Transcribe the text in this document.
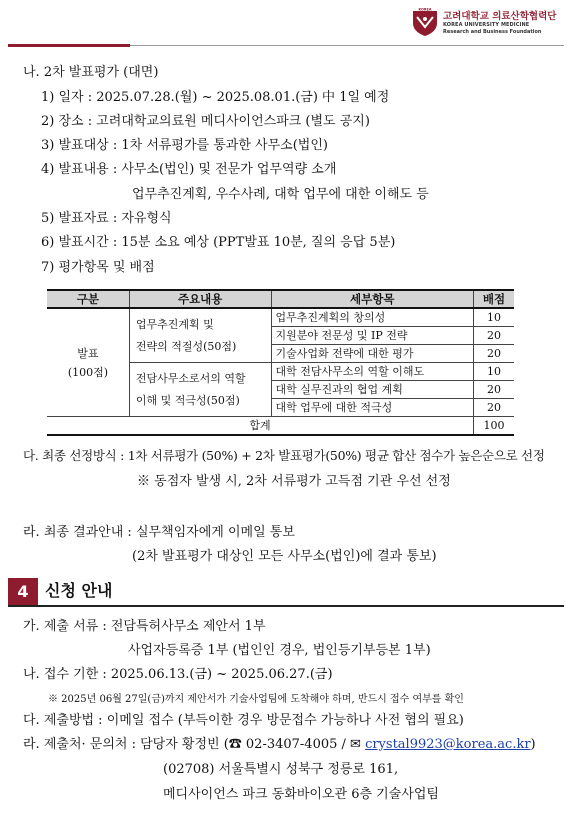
KOREA
고려대학교 의료산학협력단
KOREA UNIVERSITY MEDICINE
Research and Business Foundation
나. 2차 발표평가 (대면)
1) 일자 : 2025.07.28.(월) ~ 2025.08.01.(금) 中 1일 예정
2) 장소 : 고려대학교의료원 메디사이언스파크 (별도 공지)
3) 발표대상 : 1차 서류평가를 통과한 사무소(법인)
4) 발표내용 : 사무소(법인) 및 전문가 업무역량 소개
업무추진계획, 우수사례, 대학 업무에 대한 이해도 등
5) 발표자료 : 자유형식
6) 발표시간 : 15분 소요 예상 (PPT발표 10분, 질의 응답 5분)
7) 평가항목 및 배점
구분	주요내용	세부항목	배점
발표
(100점)	업무추진계획 및
전략의 적절성(50점)	업무추진계획의 창의성	10
		지원분야 전문성 및 IP 전략	20
		기술사업화 전략에 대한 평가	20
	전담사무소로서의 역할
이해 및 적극성(50점)	대학 전담사무소의 역할 이해도	10
		대학 실무진과의 협업 계획	20
		대학 업무에 대한 적극성	20
합계			100
다. 최종 선정방식 : 1차 서류평가 (50%) + 2차 발표평가(50%) 평균 합산 점수가 높은순으로 선정
※ 동점자 발생 시, 2차 서류평가 고득점 기관 우선 선정
라. 최종 결과안내 : 실무책임자에게 이메일 통보
(2차 발표평가 대상인 모든 사무소(법인)에 결과 통보)
4	신청 안내
가. 제출 서류 : 전담특허사무소 제안서 1부
사업자등록증 1부 (법인인 경우, 법인등기부등본 1부)
나. 접수 기한 : 2025.06.13.(금) ~ 2025.06.27.(금)
※ 2025년 06월 27일(금)까지 제안서가 기술사업팀에 도착해야 하며, 반드시 접수 여부를 확인
다. 제출방법 : 이메일 접수 (부득이한 경우 방문접수 가능하나 사전 협의 필요)
라. 제출처· 문의처 : 담당자 황정빈 (☎ 02-3407-4005 / ✉ crystal9923@korea.ac.kr)
(02708) 서울특별시 성북구 정릉로 161,
메디사이언스 파크 동화바이오관 6층 기술사업팀
